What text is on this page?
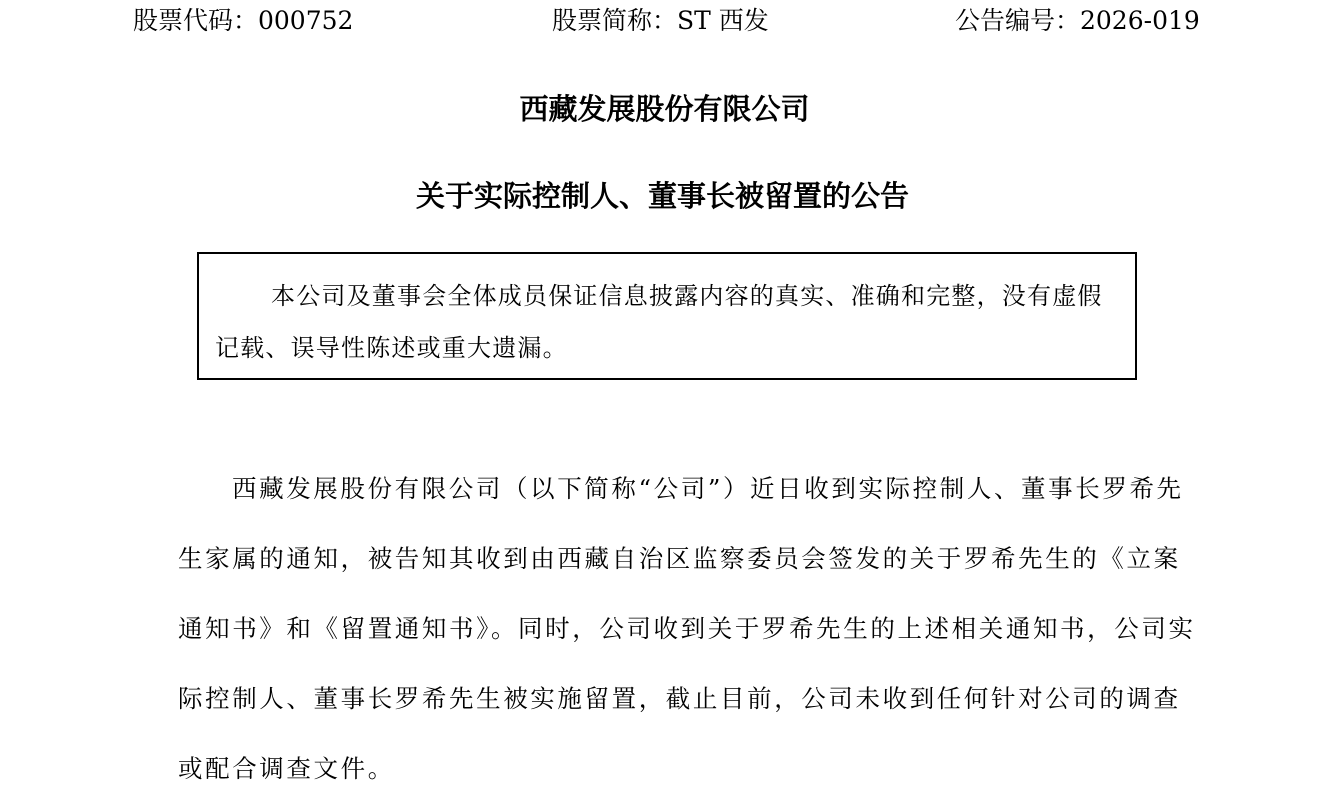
股票代码：000752	股票简称：ST 西发	公告编号：2026-019
西藏发展股份有限公司
关于实际控制人、董事长被留置的公告

本公司及董事会全体成员保证信息披露内容的真实、准确和完整，没有虚假记载、误导性陈述或重大遗漏。

西藏发展股份有限公司（以下简称“公司”）近日收到实际控制人、董事长罗希先生家属的通知，被告知其收到由西藏自治区监察委员会签发的关于罗希先生的《立案通知书》和《留置通知书》。同时，公司收到关于罗希先生的上述相关通知书，公司实际控制人、董事长罗希先生被实施留置，截止目前，公司未收到任何针对公司的调查或配合调查文件。
